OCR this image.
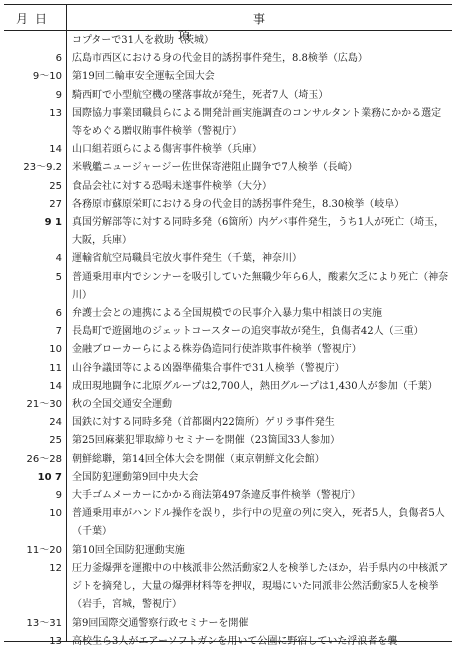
月日	事項
コプターで31人を救助（茨城）
6	広島市西区における身の代金目的誘拐事件発生，8.8検挙（広島）
9〜10	第19回二輪車安全運転全国大会
9	騎西町で小型航空機の墜落事故が発生，死者7人（埼玉）
13	国際協力事業団職員らによる開発計画実施調査のコンサルタント業務にかかる選定等をめぐる贈収賄事件検挙（警視庁）
14	山口組若頭らによる傷害事件検挙（兵庫）
23〜9.2	米戦艦ニュージャージー佐世保寄港阻止闘争で7人検挙（長崎）
25	食品会社に対する恐喝未遂事件検挙（大分）
27	各務原市蘇原栄町における身の代金目的誘拐事件発生，8.30検挙（岐阜）
9 1	真国労解部等に対する同時多発（6箇所）内ゲバ事件発生，うち1人が死亡（埼玉，大阪，兵庫）
4	運輸省航空局職員宅放火事件発生（千葉，神奈川）
5	普通乗用車内でシンナーを吸引していた無職少年ら6人，酸素欠乏により死亡（神奈川）
6	弁護士会との連携による全国規模での民事介入暴力集中相談日の実施
7	長島町で遊園地のジェットコースターの追突事故が発生，負傷者42人（三重）
10	金融ブローカーらによる株券偽造同行使詐欺事件検挙（警視庁）
11	山谷争議団等による凶器準備集合事件で31人検挙（警視庁）
14	成田現地闘争に北原グループは2,700人，熱田グループは1,430人が参加（千葉）
21〜30	秋の全国交通安全運動
24	国鉄に対する同時多発（首都圏内22箇所）ゲリラ事件発生
25	第25回麻薬犯罪取締りセミナーを開催（23箇国33人参加）
26〜28	朝鮮総聯，第14回全体大会を開催（東京朝鮮文化会館）
10 7	全国防犯運動第9回中央大会
9	大手ゴムメーカーにかかる商法第497条違反事件検挙（警視庁）
10	普通乗用車がハンドル操作を誤り，歩行中の児童の列に突入，死者5人，負傷者5人（千葉）
11〜20	第10回全国防犯運動実施
12	圧力釜爆弾を運搬中の中核派非公然活動家2人を検挙したほか，岩手県内の中核派アジトを摘発し，大量の爆弾材料等を押収，現場にいた同派非公然活動家5人を検挙（岩手，宮城，警視庁）
13〜31	第9回国際交通警察行政セミナーを開催
13	高校生ら3人がエアーソフトガンを用いて公園に野宿していた浮浪者を襲
